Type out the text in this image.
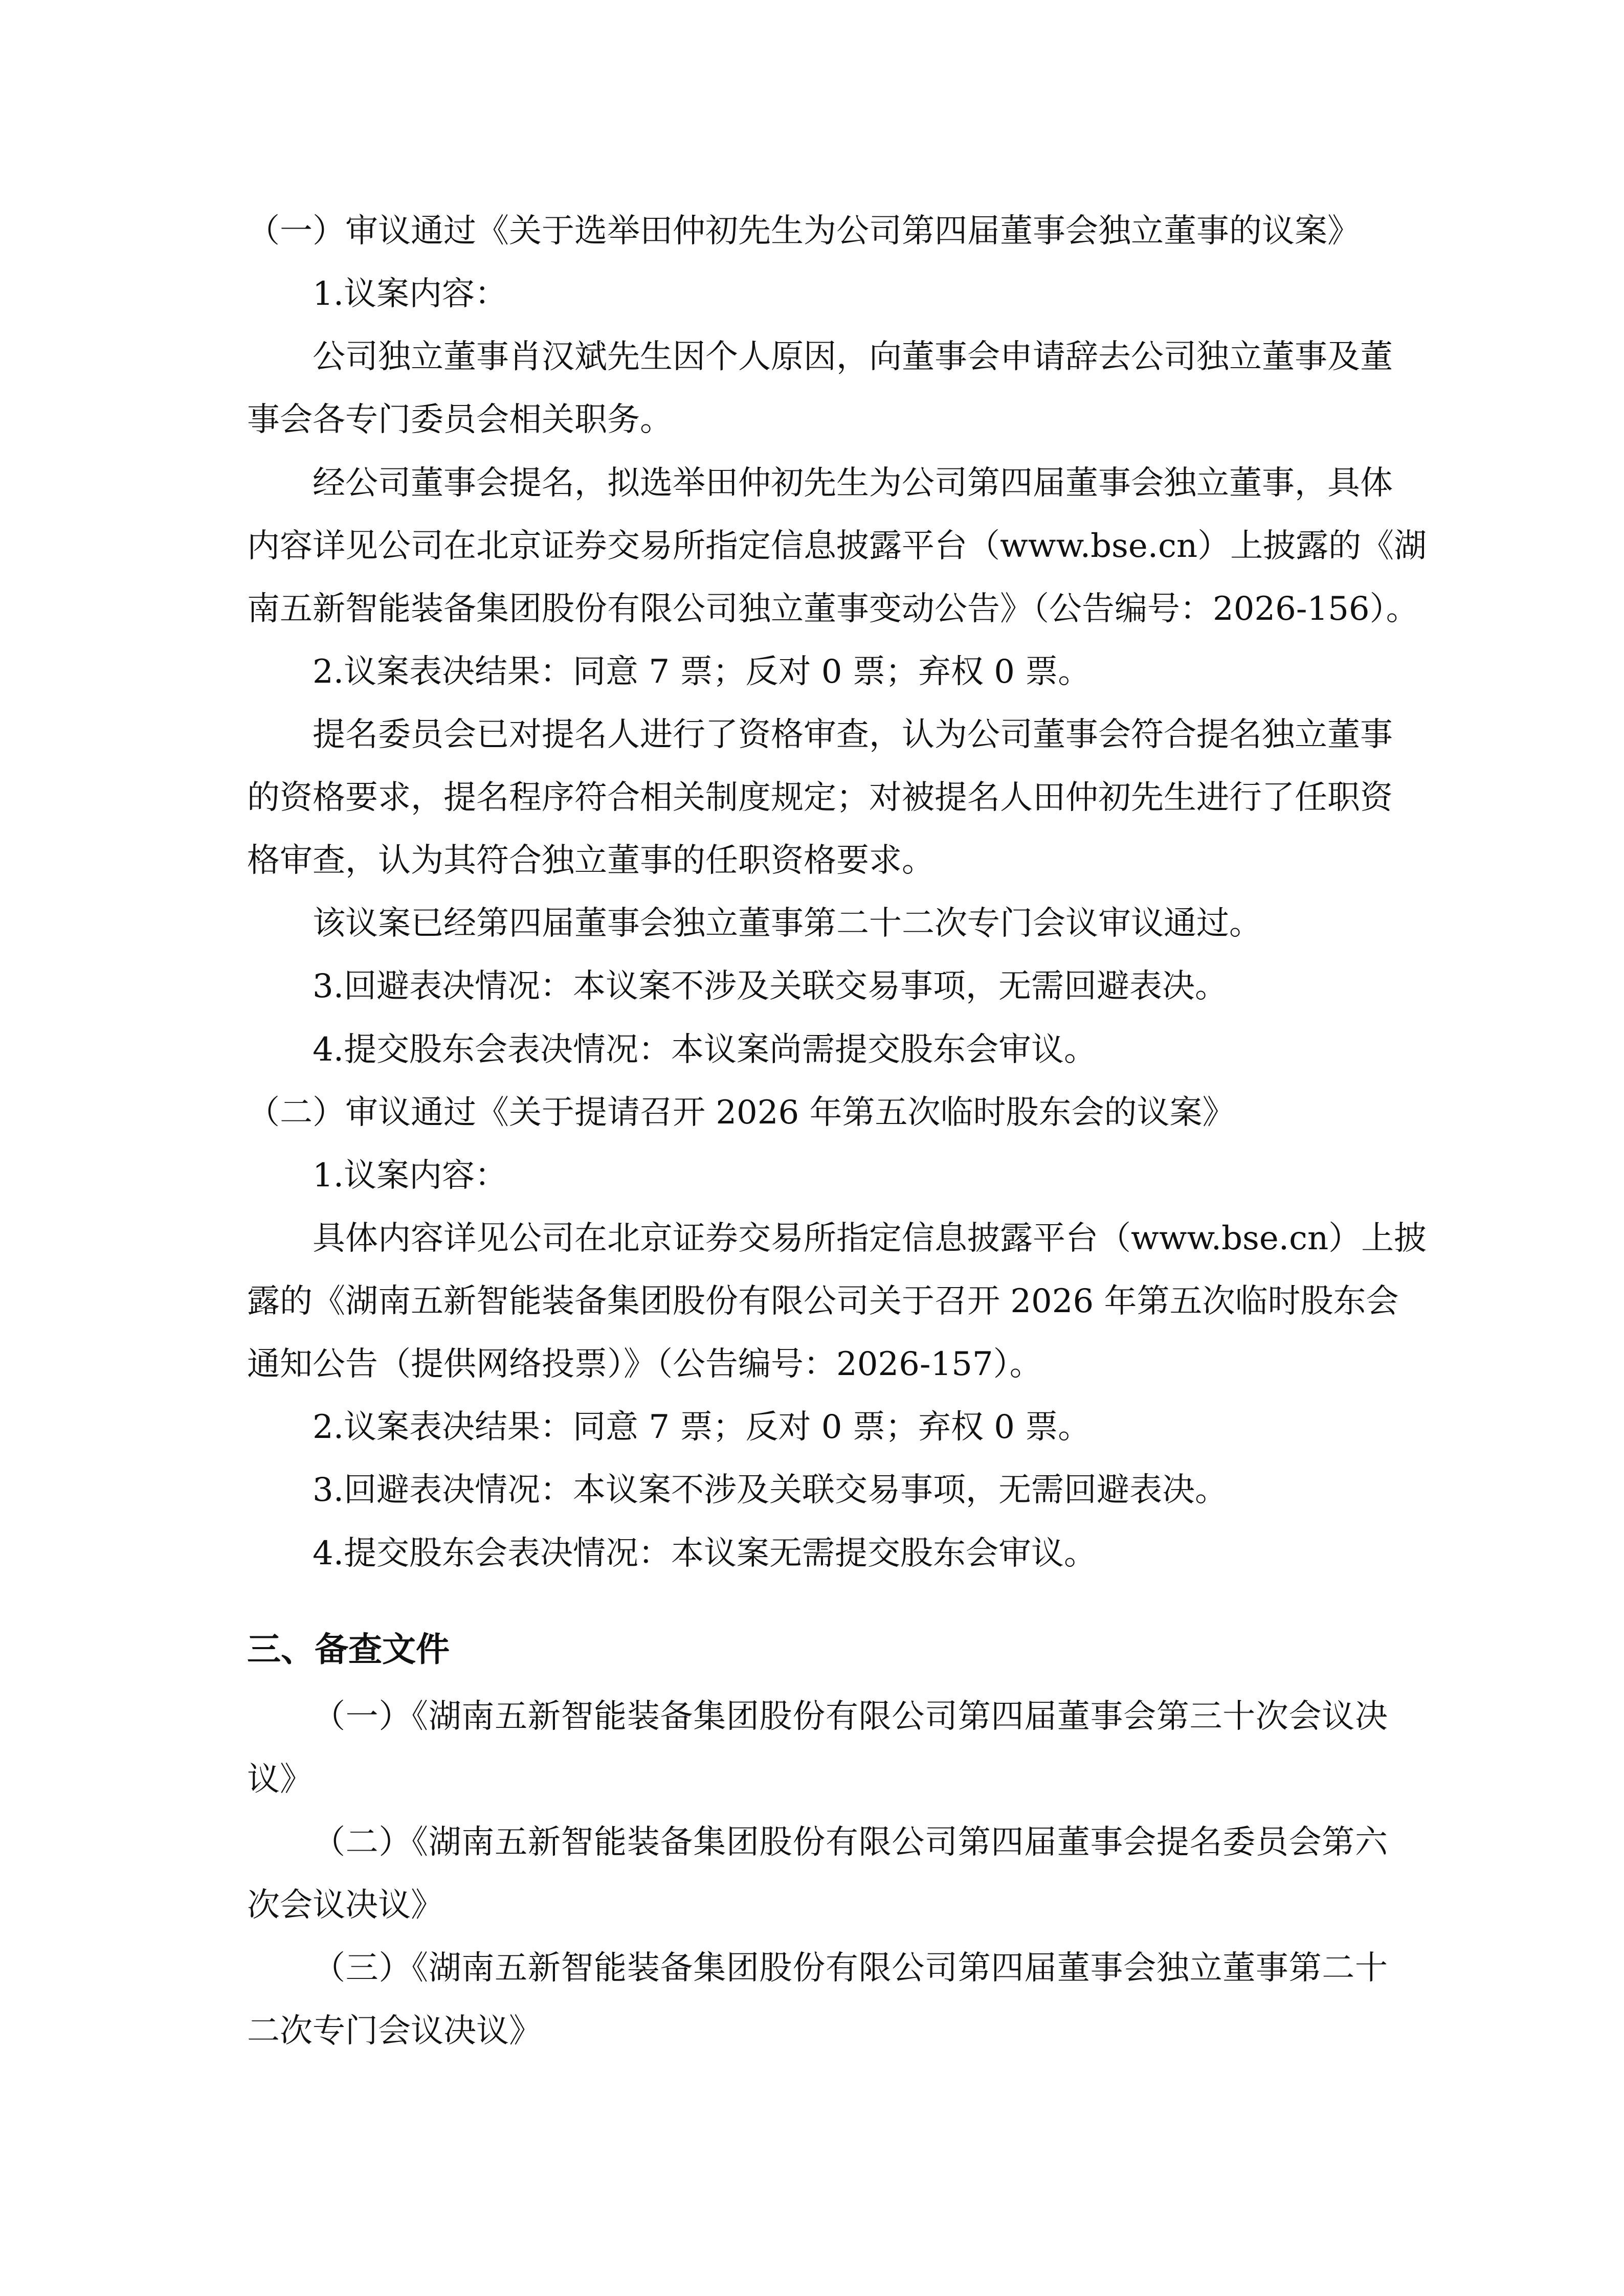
（一）审议通过《关于选举田仲初先生为公司第四届董事会独立董事的议案》
1.议案内容：
公司独立董事肖汉斌先生因个人原因，向董事会申请辞去公司独立董事及董
事会各专门委员会相关职务。
经公司董事会提名，拟选举田仲初先生为公司第四届董事会独立董事，具体
内容详见公司在北京证券交易所指定信息披露平台（www.bse.cn）上披露的《湖
南五新智能装备集团股份有限公司独立董事变动公告》（公告编号：2026-156）。
2.议案表决结果：同意 7 票；反对 0 票；弃权 0 票。
提名委员会已对提名人进行了资格审查，认为公司董事会符合提名独立董事
的资格要求，提名程序符合相关制度规定；对被提名人田仲初先生进行了任职资
格审查，认为其符合独立董事的任职资格要求。
该议案已经第四届董事会独立董事第二十二次专门会议审议通过。
3.回避表决情况：本议案不涉及关联交易事项，无需回避表决。
4.提交股东会表决情况：本议案尚需提交股东会审议。
（二）审议通过《关于提请召开 2026 年第五次临时股东会的议案》
1.议案内容：
具体内容详见公司在北京证券交易所指定信息披露平台（www.bse.cn）上披
露的《湖南五新智能装备集团股份有限公司关于召开 2026 年第五次临时股东会
通知公告（提供网络投票）》（公告编号：2026-157）。
2.议案表决结果：同意 7 票；反对 0 票；弃权 0 票。
3.回避表决情况：本议案不涉及关联交易事项，无需回避表决。
4.提交股东会表决情况：本议案无需提交股东会审议。
三、备查文件
（一）《湖南五新智能装备集团股份有限公司第四届董事会第三十次会议决
议》
（二）《湖南五新智能装备集团股份有限公司第四届董事会提名委员会第六
次会议决议》
（三）《湖南五新智能装备集团股份有限公司第四届董事会独立董事第二十
二次专门会议决议》
